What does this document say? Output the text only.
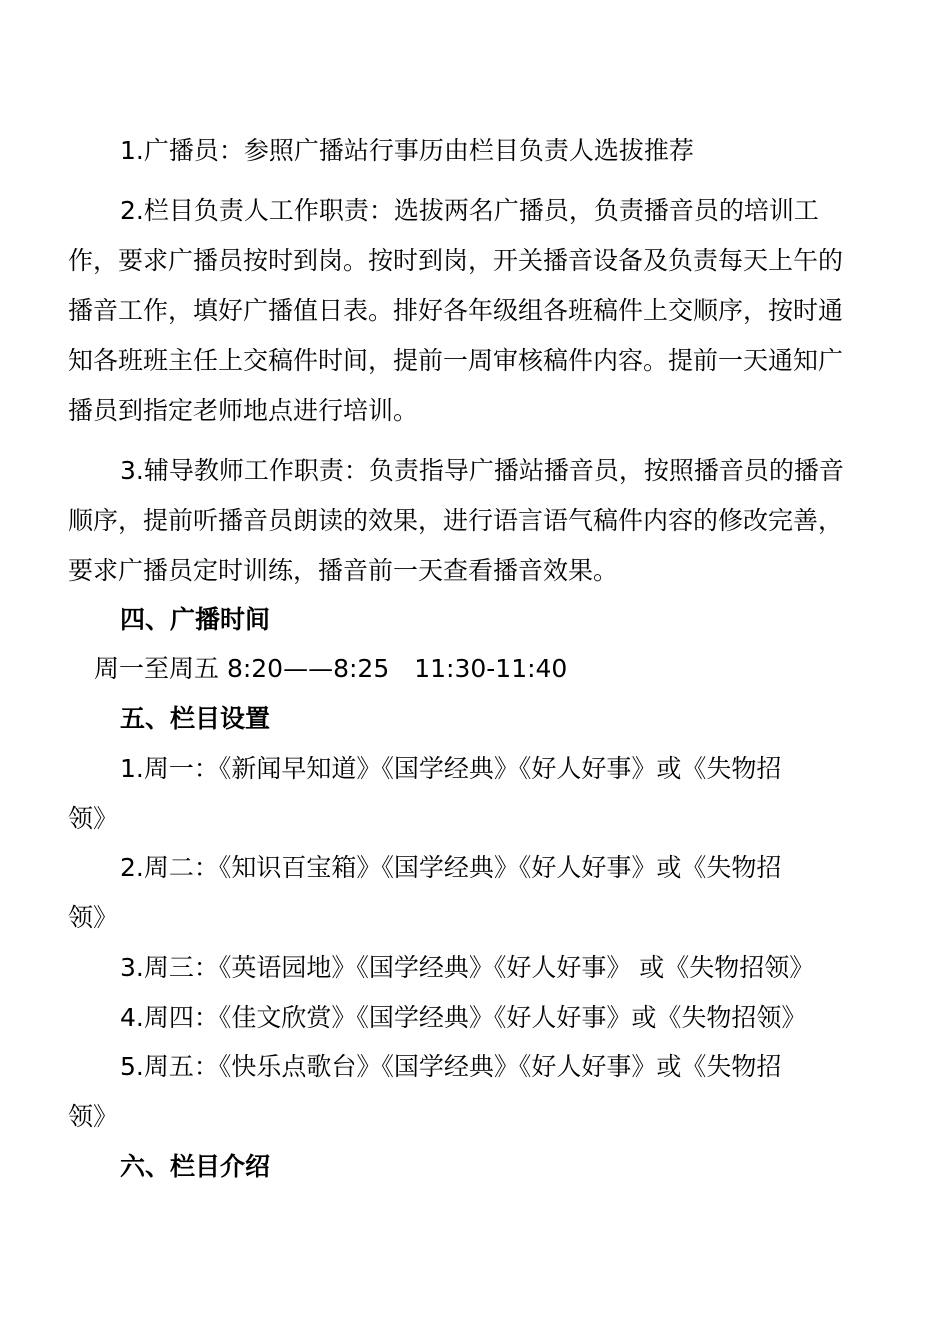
1.广播员：参照广播站行事历由栏目负责人选拔推荐

2.栏目负责人工作职责：选拔两名广播员，负责播音员的培训工

作，要求广播员按时到岗。按时到岗，开关播音设备及负责每天上午的

播音工作，填好广播值日表。排好各年级组各班稿件上交顺序，按时通

知各班班主任上交稿件时间，提前一周审核稿件内容。提前一天通知广

播员到指定老师地点进行培训。

3.辅导教师工作职责：负责指导广播站播音员，按照播音员的播音

顺序，提前听播音员朗读的效果，进行语言语气稿件内容的修改完善，

要求广播员定时训练，播音前一天查看播音效果。

四、广播时间

周一至周五 8:20——8:25　11:30-11:40

五、栏目设置

1.周一：《新闻早知道》《国学经典》《好人好事》或《失物招

领》

2.周二：《知识百宝箱》《国学经典》《好人好事》或《失物招

领》

3.周三：《英语园地》《国学经典》《好人好事》 或《失物招领》

4.周四：《佳文欣赏》《国学经典》《好人好事》或《失物招领》

5.周五：《快乐点歌台》《国学经典》《好人好事》或《失物招

领》

六、栏目介绍
